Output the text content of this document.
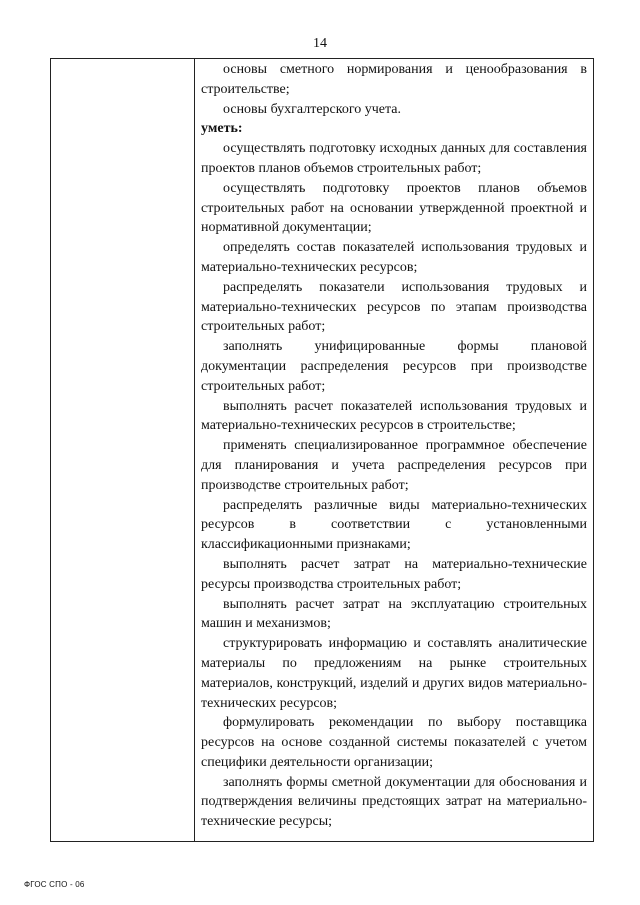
14

основы сметного нормирования и ценообразования в строительстве;

основы бухгалтерского учета.

уметь:

осуществлять подготовку исходных данных для составления проектов планов объемов строительных работ;

осуществлять подготовку проектов планов объемов строительных работ на основании утвержденной проектной и нормативной документации;

определять состав показателей использования трудовых и материально-технических ресурсов;

распределять показатели использования трудовых и материально-технических ресурсов по этапам производства строительных работ;

заполнять унифицированные формы плановой документации распределения ресурсов при производстве строительных работ;

выполнять расчет показателей использования трудовых и материально-технических ресурсов в строительстве;

применять специализированное программное обеспечение для планирования и учета распределения ресурсов при производстве строительных работ;

распределять различные виды материально-технических ресурсов в соответствии с установленными классификационными признаками;

выполнять расчет затрат на материально-технические ресурсы производства строительных работ;

выполнять расчет затрат на эксплуатацию строительных машин и механизмов;

структурировать информацию и составлять аналитические материалы по предложениям на рынке строительных материалов, конструкций, изделий и других видов материально-технических ресурсов;

формулировать рекомендации по выбору поставщика ресурсов на основе созданной системы показателей с учетом специфики деятельности организации;

заполнять формы сметной документации для обоснования и подтверждения величины предстоящих затрат на материально-технические ресурсы;

ФГОС СПО - 06
